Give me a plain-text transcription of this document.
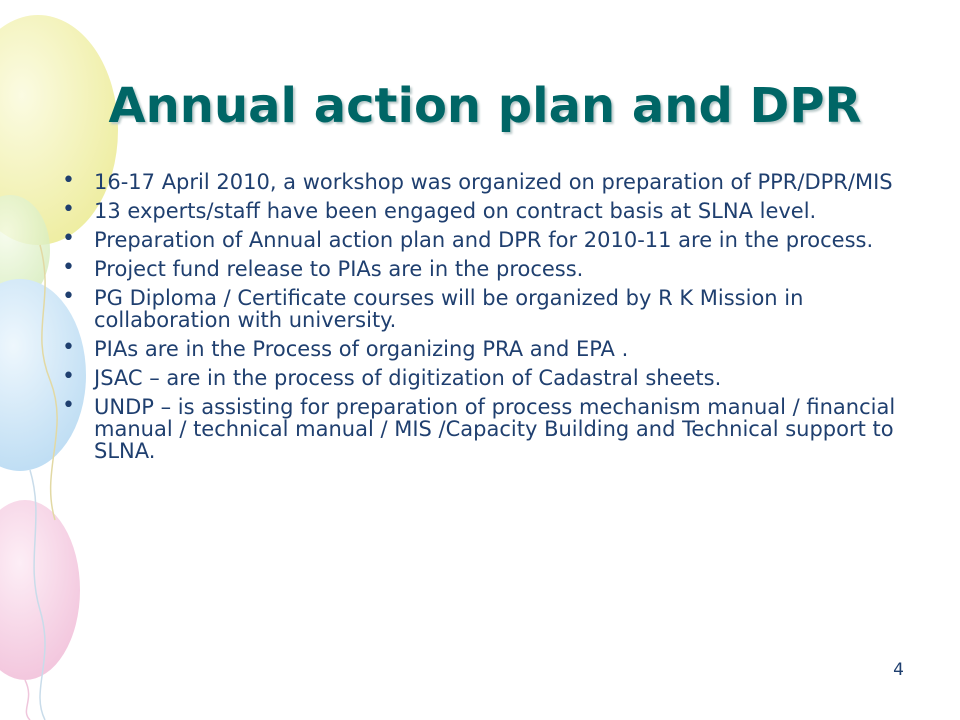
Annual action plan and DPR
• 16-17 April 2010, a workshop was organized on preparation of PPR/DPR/MIS
• 13 experts/staff have been engaged on contract basis at SLNA level.
• Preparation of Annual action plan and DPR for 2010-11 are in the process.
• Project fund release to PIAs are in the process.
• PG Diploma / Certificate courses will be organized by R K Mission in collaboration with university.
• PIAs are in the Process of organizing PRA and EPA .
• JSAC – are in the process of digitization of Cadastral sheets.
• UNDP – is assisting for preparation of process mechanism manual / financial manual / technical manual / MIS /Capacity Building and Technical support to SLNA.
4
